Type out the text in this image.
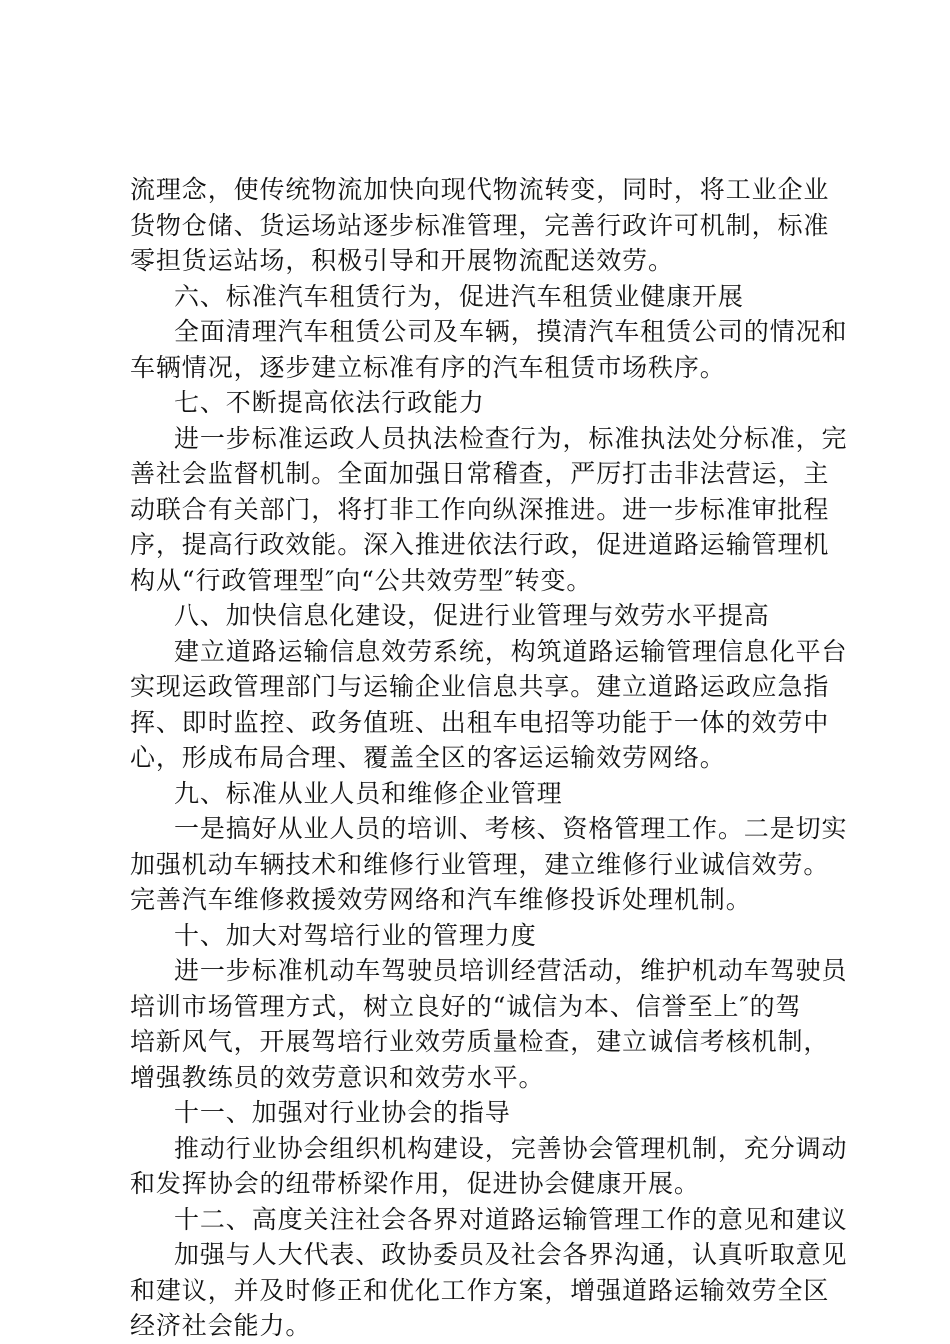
流理念，使传统物流加快向现代物流转变，同时，将工业企业
货物仓储、货运场站逐步标准管理，完善行政许可机制，标准
零担货运站场，积极引导和开展物流配送效劳。
六、标准汽车租赁行为，促进汽车租赁业健康开展
全面清理汽车租赁公司及车辆，摸清汽车租赁公司的情况和
车辆情况，逐步建立标准有序的汽车租赁市场秩序。
七、不断提高依法行政能力
进一步标准运政人员执法检查行为，标准执法处分标准，完
善社会监督机制。全面加强日常稽查，严厉打击非法营运，主
动联合有关部门，将打非工作向纵深推进。进一步标准审批程
序，提高行政效能。深入推进依法行政，促进道路运输管理机
构从“行政管理型″向“公共效劳型″转变。
八、加快信息化建设，促进行业管理与效劳水平提高
建立道路运输信息效劳系统，构筑道路运输管理信息化平台
实现运政管理部门与运输企业信息共享。建立道路运政应急指
挥、即时监控、政务值班、出租车电招等功能于一体的效劳中
心，形成布局合理、覆盖全区的客运运输效劳网络。
九、标准从业人员和维修企业管理
一是搞好从业人员的培训、考核、资格管理工作。二是切实
加强机动车辆技术和维修行业管理，建立维修行业诚信效劳。
完善汽车维修救援效劳网络和汽车维修投诉处理机制。
十、加大对驾培行业的管理力度
进一步标准机动车驾驶员培训经营活动，维护机动车驾驶员
培训市场管理方式，树立良好的“诚信为本、信誉至上″的驾
培新风气，开展驾培行业效劳质量检查，建立诚信考核机制，
增强教练员的效劳意识和效劳水平。
十一、加强对行业协会的指导
推动行业协会组织机构建设，完善协会管理机制，充分调动
和发挥协会的纽带桥梁作用，促进协会健康开展。
十二、高度关注社会各界对道路运输管理工作的意见和建议
加强与人大代表、政协委员及社会各界沟通，认真听取意见
和建议，并及时修正和优化工作方案，增强道路运输效劳全区
经济社会能力。
